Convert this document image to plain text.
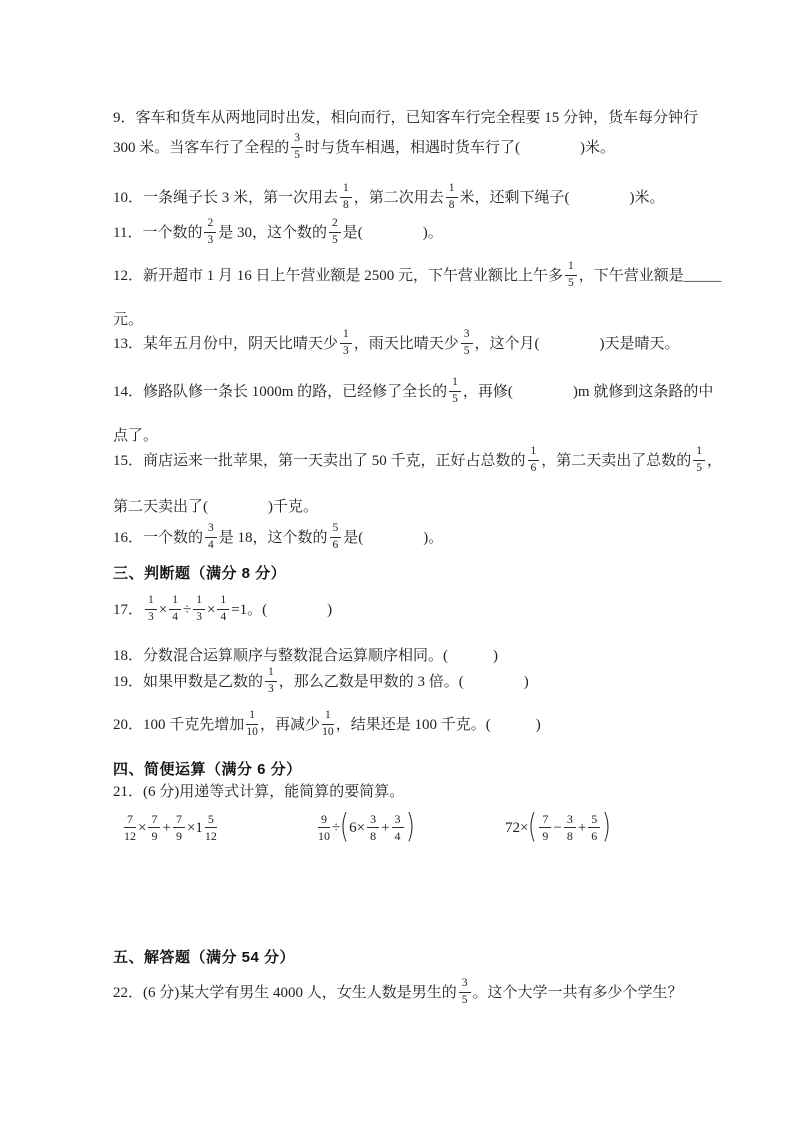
9．客车和货车从两地同时出发，相向而行，已知客车行完全程要 15 分钟，货车每分钟行
300 米。当客车行了全程的 $\frac{3}{5}$ 时与货车相遇，相遇时货车行了(　　　　)米。
10．一条绳子长 3 米，第一次用去 $\frac{1}{8}$ ，第二次用去 $\frac{1}{8}$ 米，还剩下绳子(　　　　)米。
11．一个数的 $\frac{2}{3}$ 是 30，这个数的 $\frac{2}{5}$ 是(　　　　)。
12．新开超市 1 月 16 日上午营业额是 2500 元，下午营业额比上午多 $\frac{1}{5}$ ，下午营业额是_____
元。
13．某年五月份中，阴天比晴天少 $\frac{1}{3}$ ，雨天比晴天少 $\frac{3}{5}$ ，这个月(　　　　)天是晴天。
14．修路队修一条长 1000m 的路，已经修了全长的 $\frac{1}{5}$ ，再修(　　　　)m 就修到这条路的中
点了。
15．商店运来一批苹果，第一天卖出了 50 千克，正好占总数的 $\frac{1}{6}$ ，第二天卖出了总数的 $\frac{1}{5}$ ，
第二天卖出了(　　　　)千克。
16．一个数的 $\frac{3}{4}$ 是 18，这个数的 $\frac{5}{6}$ 是(　　　　)。
三、判断题（满分 8 分）
17． $\frac{1}{3} \times \frac{1}{4} \div \frac{1}{3} \times \frac{1}{4} =1$。(　　　　)
18．分数混合运算顺序与整数混合运算顺序相同。(　　　)
19．如果甲数是乙数的 $\frac{1}{3}$ ，那么乙数是甲数的 3 倍。(　　　　)
20．100 千克先增加 $\frac{1}{10}$ ，再减少 $\frac{1}{10}$ ，结果还是 100 千克。(　　　)
四、简便运算（满分 6 分）
21．(6 分)用递等式计算，能简算的要简算。
$\frac{7}{12} \times \frac{7}{9} + \frac{7}{9} \times 1 \frac{5}{12}$	$\frac{9}{10} \div(6\times \frac{3}{8} + \frac{3}{4}$ )	$72\times( \frac{7}{9} - \frac{3}{8} + \frac{5}{6}$ )
五、解答题（满分 54 分）
22．(6 分)某大学有男生 4000 人，女生人数是男生的 $\frac{3}{5}$ 。这个大学一共有多少个学生？
